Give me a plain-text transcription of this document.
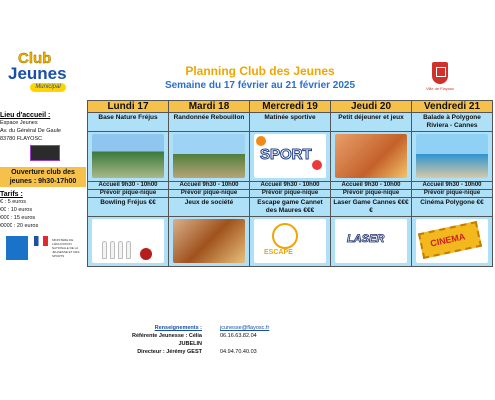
Club
Jeunes
Municipal
Planning Club des Jeunes
Semaine du 17 février au 21 février 2025	Ville de Flayosc
Lieu d'accueil :
Espace Jeunes
Av. du Général De Gaule
83780 FLAYOSC
Ouverture club des jeunes : 9h30-17h00
Tarifs :
€ : 5 euros
€€ : 10 euros
€€€ : 15 euros
€€€€ : 20 euros
MINISTÈRE DE L'ÉDUCATION NATIONALE DE LA JEUNESSE ET DES SPORTS
Lundi 17	Mardi 18	Mercredi 19	Jeudi 20	Vendredi 21
Base Nature Fréjus	Randonnée Rebouillon	Matinée sportive	Petit déjeuner et jeux	Balade à Polygone Riviera - Cannes

		SPORT		

Accueil 9h30 - 10h00	Accueil 9h30 - 10h00	Accueil 9h30 - 10h00	Accueil 9h30 - 10h00	Accueil 9h30 - 10h00
Prévoir pique-nique	Prévoir pique-nique	Prévoir pique-nique	Prévoir pique-nique	Prévoir pique-nique
Bowling Fréjus €€	Jeux de société	Escape game Cannet des Maures €€€	Laser Game Cannes €€€€	Cinéma Polygone €€

		ESCAPE	LASER	CINEMA
Renseignements :	jcunesse@flayosc.fr
Référente Jeunesse : Célia JUBELIN
06.16.63.82.04
Directeur : Jérémy GEST	04.94.70.40.03
